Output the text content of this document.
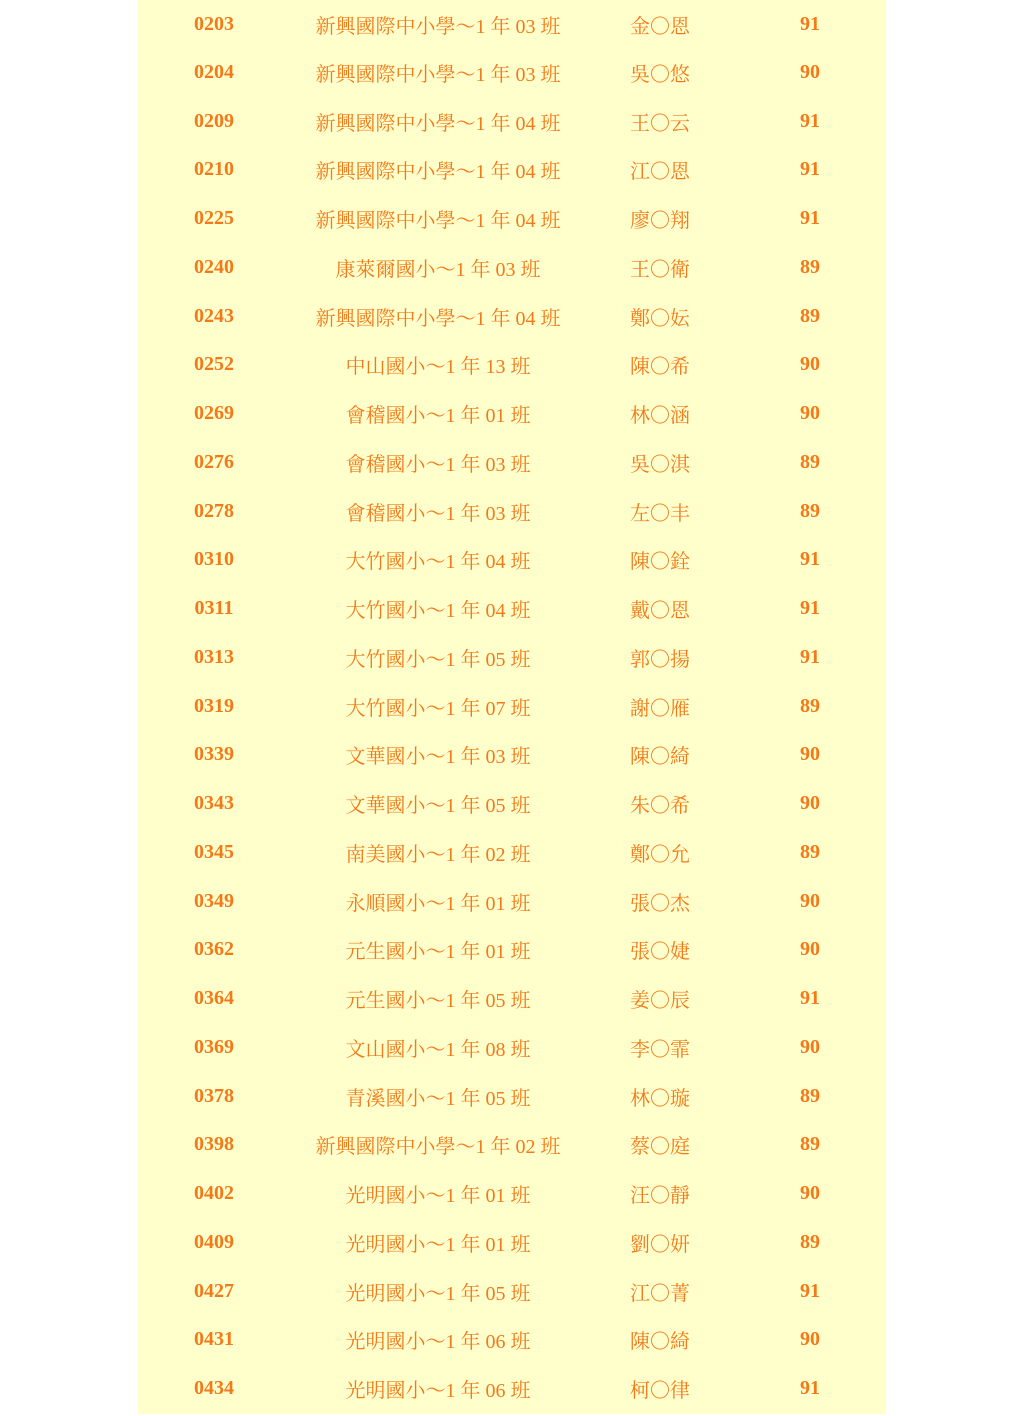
0203	新興國際中小學～1 年 03 班	金〇恩	91
0204	新興國際中小學～1 年 03 班	吳〇悠	90
0209	新興國際中小學～1 年 04 班	王〇云	91
0210	新興國際中小學～1 年 04 班	江〇恩	91
0225	新興國際中小學～1 年 04 班	廖〇翔	91
0240	康萊爾國小～1 年 03 班	王〇衛	89
0243	新興國際中小學～1 年 04 班	鄭〇妘	89
0252	中山國小～1 年 13 班	陳〇希	90
0269	會稽國小～1 年 01 班	林〇涵	90
0276	會稽國小～1 年 03 班	吳〇淇	89
0278	會稽國小～1 年 03 班	左〇丰	89
0310	大竹國小～1 年 04 班	陳〇銓	91
0311	大竹國小～1 年 04 班	戴〇恩	91
0313	大竹國小～1 年 05 班	郭〇揚	91
0319	大竹國小～1 年 07 班	謝〇雁	89
0339	文華國小～1 年 03 班	陳〇綺	90
0343	文華國小～1 年 05 班	朱〇希	90
0345	南美國小～1 年 02 班	鄭〇允	89
0349	永順國小～1 年 01 班	張〇杰	90
0362	元生國小～1 年 01 班	張〇婕	90
0364	元生國小～1 年 05 班	姜〇辰	91
0369	文山國小～1 年 08 班	李〇霏	90
0378	青溪國小～1 年 05 班	林〇璇	89
0398	新興國際中小學～1 年 02 班	蔡〇庭	89
0402	光明國小～1 年 01 班	汪〇靜	90
0409	光明國小～1 年 01 班	劉〇妍	89
0427	光明國小～1 年 05 班	江〇菁	91
0431	光明國小～1 年 06 班	陳〇綺	90
0434	光明國小～1 年 06 班	柯〇律	91
